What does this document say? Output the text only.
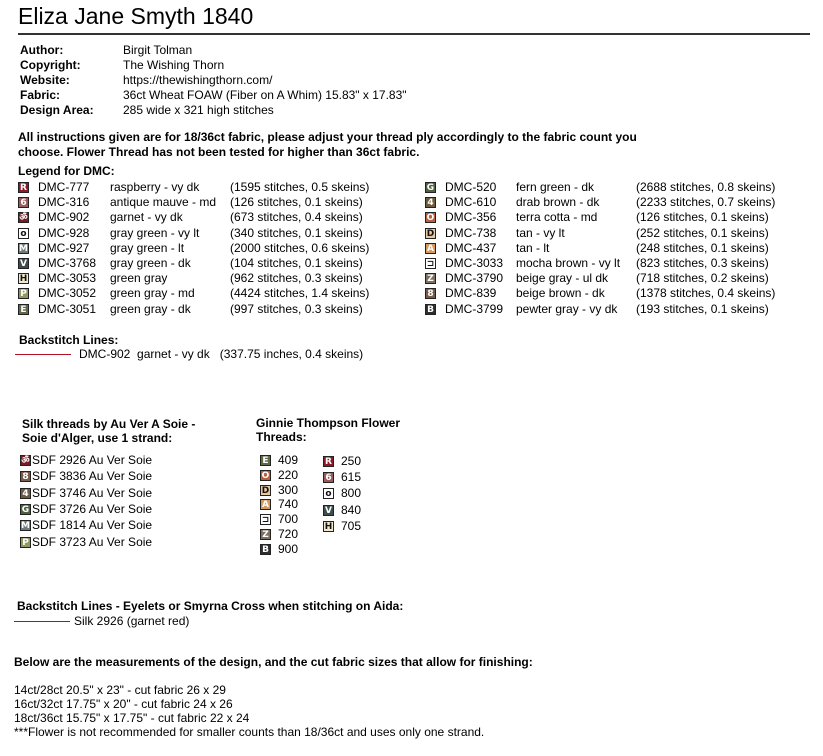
Eliza Jane Smyth 1840
Author:	Birgit Tolman
Copyright:	The Wishing Thorn
Website:	https://thewishingthorn.com/
Fabric:	36ct Wheat FOAW (Fiber on A Whim) 15.83" x 17.83"
Design Area: 285 wide x 321 high stitches
All instructions given are for 18/36ct fabric, please adjust your thread ply accordingly to the fabric count you choose. Flower Thread has not been tested for higher than 36ct fabric.
Legend for DMC:
R DMC-777 raspberry - vy dk	(1595 stitches, 0.5 skeins)
6 DMC-316 antique mauve - md (126 stitches, 0.1 skeins)
ॐ DMC-902 garnet - vy dk	(673 stitches, 0.4 skeins)
o DMC-928 gray green - vy lt	(340 stitches, 0.1 skeins)
M DMC-927 gray green - lt	(2000 stitches, 0.6 skeins)
V DMC-3768 gray green - dk	(104 stitches, 0.1 skeins)
H DMC-3053 green gray	(962 stitches, 0.3 skeins)
P DMC-3052 green gray - md	(4424 stitches, 1.4 skeins)
E DMC-3051 green gray - dk	(997 stitches, 0.3 skeins)
G DMC-520 fern green - dk	(2688 stitches, 0.8 skeins)
4 DMC-610 drab brown - dk	(2233 stitches, 0.7 skeins)
O DMC-356 terra cotta - md	(126 stitches, 0.1 skeins)
D DMC-738 tan - vy lt	(252 stitches, 0.1 skeins)
A DMC-437 tan - lt	(248 stitches, 0.1 skeins)
⊐ DMC-3033 mocha brown - vy lt (823 stitches, 0.3 skeins)
Z DMC-3790 beige gray - ul dk (718 stitches, 0.2 skeins)
8 DMC-839 beige brown - dk	(1378 stitches, 0.4 skeins)
B DMC-3799 pewter gray - vy dk (193 stitches, 0.1 skeins)
Backstitch Lines:
DMC-902 garnet - vy dk (337.75 inches, 0.4 skeins)
Silk threads by Au Ver A Soie -
Soie d'Alger, use 1 strand:
ॐ SDF 2926 Au Ver Soie
8 SDF 3836 Au Ver Soie
4 SDF 3746 Au Ver Soie
G SDF 3726 Au Ver Soie
M SDF 1814 Au Ver Soie
P SDF 3723 Au Ver Soie
Ginnie Thompson Flower
Threads:
E 409
O 220
D 300
A 740
⊐ 700
Z 720
B 900
R 250
6 615
o 800
V 840
H 705
Backstitch Lines - Eyelets or Smyrna Cross when stitching on Aida:
Silk 2926 (garnet red)
Below are the measurements of the design, and the cut fabric sizes that allow for finishing:
14ct/28ct 20.5" x 23" - cut fabric 26 x 29
16ct/32ct 17.75" x 20" - cut fabric 24 x 26
18ct/36ct 15.75" x 17.75" - cut fabric 22 x 24
***Flower is not recommended for smaller counts than 18/36ct and uses only one strand.
